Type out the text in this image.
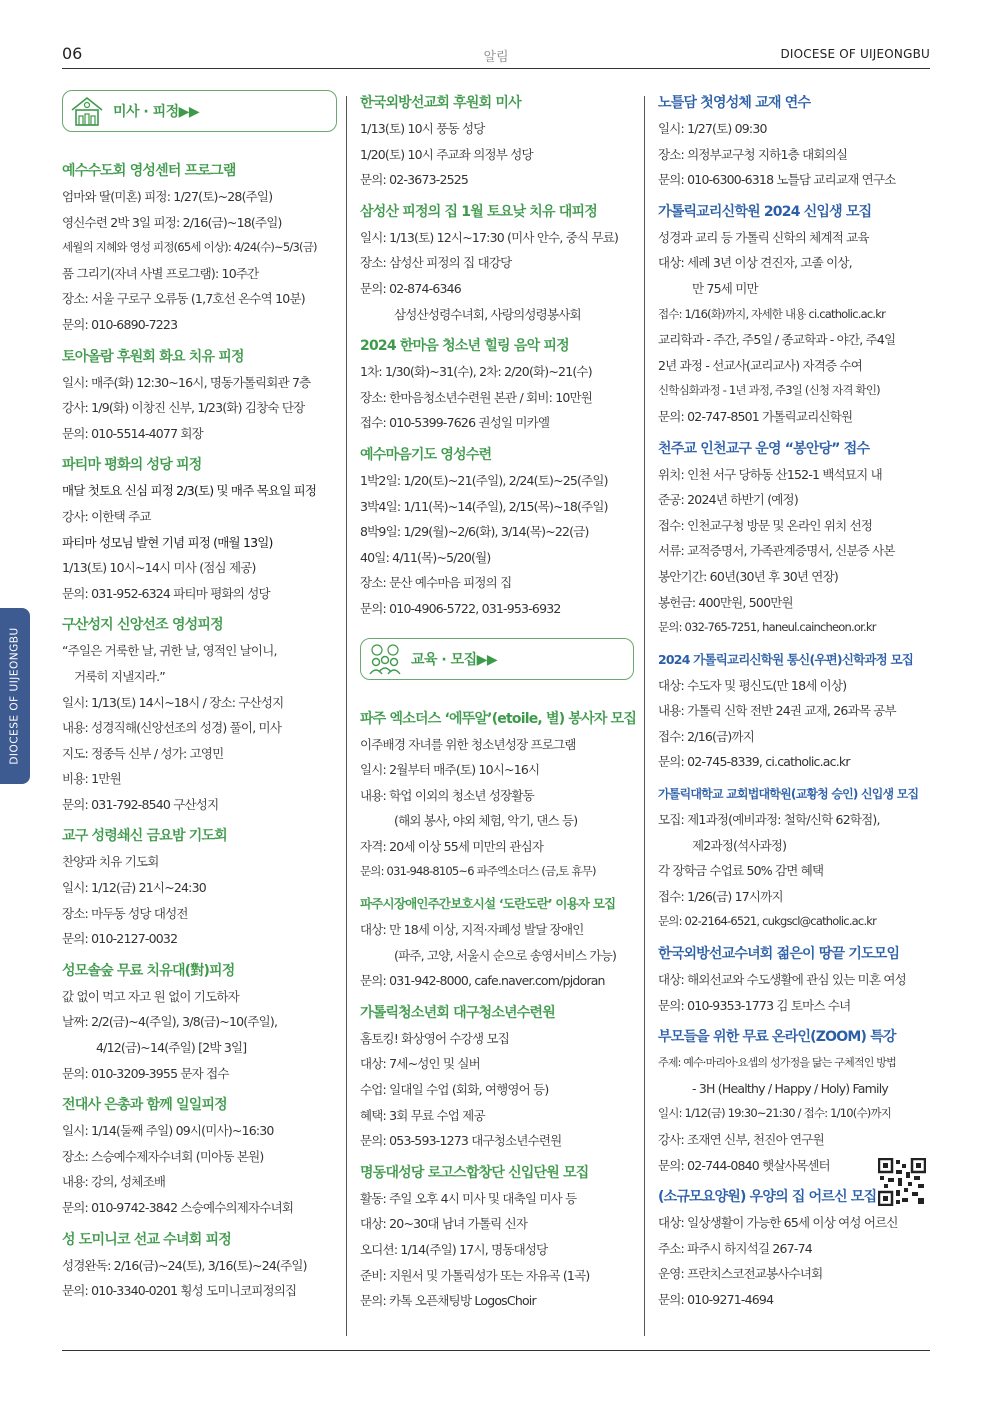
06	알림	DIOCESE OF UIJEONGBU
DIOCESE OF UIJEONGBU
미사 · 피정▶▶
예수수도회 영성센터 프로그램
엄마와 딸(미혼) 피정: 1/27(토)~28(주일)
영신수련 2박 3일 피정: 2/16(금)~18(주일)
세월의 지혜와 영성 피정(65세 이상): 4/24(수)~5/3(금)
품 그리기(자녀 사별 프로그램): 10주간
장소: 서울 구로구 오류동 (1,7호선 온수역 10분)
문의: 010-6890-7223
토아올람 후원회 화요 치유 피정
일시: 매주(화) 12:30~16시, 명동가톨릭회관 7층
강사: 1/9(화) 이창진 신부, 1/23(화) 김창숙 단장
문의: 010-5514-4077 회장
파티마 평화의 성당 피정
매달 첫토요 신심 피정 2/3(토) 및 매주 목요일 피정
강사: 이한택 주교
파티마 성모님 발현 기념 피정 (매월 13일)
1/13(토) 10시~14시 미사 (점심 제공)
문의: 031-952-6324 파티마 평화의 성당
구산성지 신앙선조 영성피정
“주일은 거룩한 날, 귀한 날, 영적인 날이니,
거룩히 지낼지라.”
일시: 1/13(토) 14시~18시 / 장소: 구산성지
내용: 성경직해(신앙선조의 성경) 풀이, 미사
지도: 정종득 신부 / 성가: 고영민
비용: 1만원
문의: 031-792-8540 구산성지
교구 성령쇄신 금요밤 기도회
찬양과 치유 기도회
일시: 1/12(금) 21시~24:30
장소: 마두동 성당 대성전
문의: 010-2127-0032
성모솔숲 무료 치유대(對)피정
값 없이 먹고 자고 원 없이 기도하자
날짜: 2/2(금)~4(주일), 3/8(금)~10(주일),
4/12(금)~14(주일) [2박 3일]
문의: 010-3209-3955 문자 접수
전대사 은총과 함께 일일피정
일시: 1/14(둘째 주일) 09시(미사)~16:30
장소: 스승예수제자수녀회 (미아동 본원)
내용: 강의, 성체조배
문의: 010-9742-3842 스승예수의제자수녀회
성 도미니코 선교 수녀회 피정
성경완독: 2/16(금)~24(토), 3/16(토)~24(주일)
문의: 010-3340-0201 횡성 도미니코피정의집
한국외방선교회 후원회 미사
1/13(토) 10시 풍동 성당
1/20(토) 10시 주교좌 의정부 성당
문의: 02-3673-2525
삼성산 피정의 집 1월 토요낮 치유 대피정
일시: 1/13(토) 12시~17:30 (미사 안수, 중식 무료)
장소: 삼성산 피정의 집 대강당
문의: 02-874-6346
삼성산성령수녀회, 사랑의성령봉사회
2024 한마음 청소년 힐링 음악 피정
1차: 1/30(화)~31(수), 2차: 2/20(화)~21(수)
장소: 한마음청소년수련원 본관 / 회비: 10만원
접수: 010-5399-7626 권성일 미카엘
예수마음기도 영성수련
1박2일: 1/20(토)~21(주일), 2/24(토)~25(주일)
3박4일: 1/11(목)~14(주일), 2/15(목)~18(주일)
8박9일: 1/29(월)~2/6(화), 3/14(목)~22(금)
40일: 4/11(목)~5/20(월)
장소: 문산 예수마음 피정의 집
문의: 010-4906-5722, 031-953-6932
교육 · 모집▶▶
파주 엑소더스 ‘에뚜알’(etoile, 별) 봉사자 모집
이주배경 자녀를 위한 청소년성장 프로그램
일시: 2월부터 매주(토) 10시~16시
내용: 학업 이외의 청소년 성장활동
(해외 봉사, 야외 체험, 악기, 댄스 등)
자격: 20세 이상 55세 미만의 관심자
문의: 031-948-8105~6 파주엑소더스 (금,토 휴무)
파주시장애인주간보호시설 ‘도란도란’ 이용자 모집
대상: 만 18세 이상, 지적·자폐성 발달 장애인
(파주, 고양, 서울시 순으로 송영서비스 가능)
문의: 031-942-8000, cafe.naver.com/pjdoran
가톨릭청소년회 대구청소년수련원
홈토킹! 화상영어 수강생 모집
대상: 7세~성인 및 실버
수업: 일대일 수업 (회화, 여행영어 등)
혜택: 3회 무료 수업 제공
문의: 053-593-1273 대구청소년수련원
명동대성당 로고스합창단 신입단원 모집
활동: 주일 오후 4시 미사 및 대축일 미사 등
대상: 20~30대 남녀 가톨릭 신자
오디션: 1/14(주일) 17시, 명동대성당
준비: 지원서 및 가톨릭성가 또는 자유곡 (1곡)
문의: 카톡 오픈채팅방 LogosChoir
노틀담 첫영성체 교재 연수
일시: 1/27(토) 09:30
장소: 의정부교구청 지하1층 대회의실
문의: 010-6300-6318 노틀담 교리교재 연구소
가톨릭교리신학원 2024 신입생 모집
성경과 교리 등 가톨릭 신학의 체계적 교육
대상: 세례 3년 이상 견진자, 고졸 이상,
만 75세 미만
접수: 1/16(화)까지, 자세한 내용 ci.catholic.ac.kr
교리학과 - 주간, 주5일 / 종교학과 - 야간, 주4일
2년 과정 - 선교사(교리교사) 자격증 수여
신학심화과정 - 1년 과정, 주3일 (신청 자격 확인)
문의: 02-747-8501 가톨릭교리신학원
천주교 인천교구 운영 “봉안당” 접수
위치: 인천 서구 당하동 산152-1 백석묘지 내
준공: 2024년 하반기 (예정)
접수: 인천교구청 방문 및 온라인 위치 선정
서류: 교적증명서, 가족관계증명서, 신분증 사본
봉안기간: 60년(30년 후 30년 연장)
봉헌금: 400만원, 500만원
문의: 032-765-7251, haneul.caincheon.or.kr
2024 가톨릭교리신학원 통신(우편)신학과정 모집
대상: 수도자 및 평신도(만 18세 이상)
내용: 가톨릭 신학 전반 24권 교재, 26과목 공부
접수: 2/16(금)까지
문의: 02-745-8339, ci.catholic.ac.kr
가톨릭대학교 교회법대학원(교황청 승인) 신입생 모집
모집: 제1과정(예비과정: 철학/신학 62학점),
제2과정(석사과정)
각 장학금 수업료 50% 감면 혜택
접수: 1/26(금) 17시까지
문의: 02-2164-6521, cukgscl@catholic.ac.kr
한국외방선교수녀회 젊은이 땅끝 기도모임
대상: 해외선교와 수도생활에 관심 있는 미혼 여성
문의: 010-9353-1773 김 토마스 수녀
부모들을 위한 무료 온라인(ZOOM) 특강
주제: 예수·마리아·요셉의 성가정을 닮는 구체적인 방법
- 3H (Healthy / Happy / Holy) Family
일시: 1/12(금) 19:30~21:30 / 접수: 1/10(수)까지
강사: 조재연 신부, 천진아 연구원
문의: 02-744-0840 햇살사목센터
(소규모요양원) 우양의 집 어르신 모집
대상: 일상생활이 가능한 65세 이상 여성 어르신
주소: 파주시 하지석길 267-74
운영: 프란치스코전교봉사수녀회
문의: 010-9271-4694
